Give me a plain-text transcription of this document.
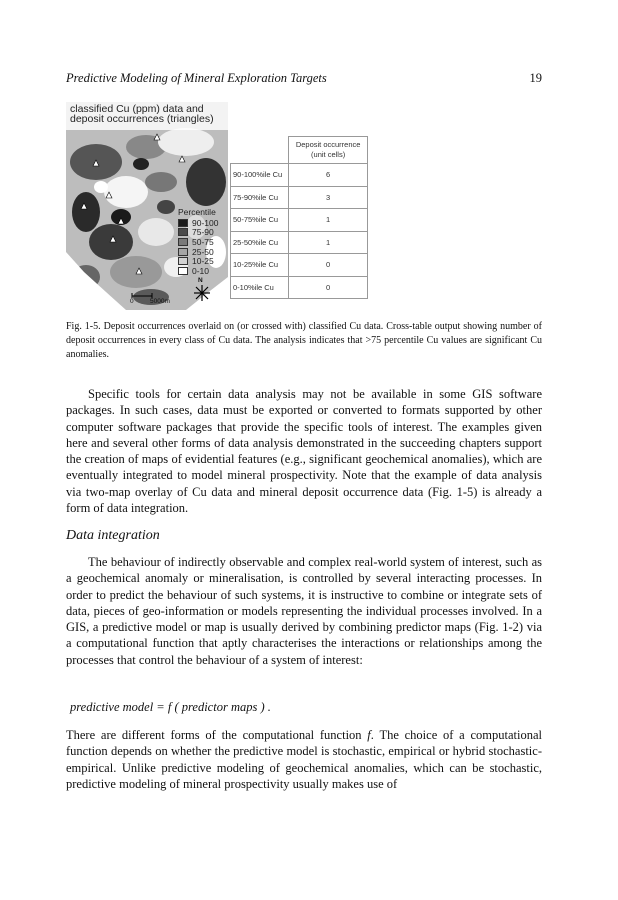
Predictive Modeling of Mineral Exploration Targets	19
classified Cu (ppm) data and
deposit occurrences (triangles)
Percentile
90-100
75-90
50-75
25-50
10-25
0-10
N
0	5000m

	Deposit occurrence
(unit cells)

90-100%ile Cu	6
75-90%ile Cu	3
50-75%ile Cu	1
25-50%ile Cu	1
10-25%ile Cu	0
0-10%ile Cu	0
Fig. 1-5. Deposit occurrences overlaid on (or crossed with) classified Cu data. Cross-table output showing number of deposit occurrences in every class of Cu data. The analysis indicates that >75 percentile Cu values are significant Cu anomalies.

Specific tools for certain data analysis may not be available in some GIS software packages. In such cases, data must be exported or converted to formats supported by other computer software packages that provide the specific tools of interest. The examples given here and several other forms of data analysis demonstrated in the succeeding chapters support the creation of maps of evidential features (e.g., significant geochemical anomalies), which are eventually integrated to model mineral prospectivity. Note that the example of data analysis via two-map overlay of Cu data and mineral deposit occurrence data (Fig. 1-5) is already a form of data integration.

Data integration

The behaviour of indirectly observable and complex real-world system of interest, such as a geochemical anomaly or mineralisation, is controlled by several interacting processes. In order to predict the behaviour of such systems, it is instructive to combine or integrate sets of data, pieces of geo-information or models representing the individual processes involved. In a GIS, a predictive model or map is usually derived by combining predictor maps (Fig. 1-2) via a computational function that aptly characterises the interactions or relationships among the processes that control the behaviour of a system of interest:

predictive model = f ( predictor maps ) .

There are different forms of the computational function f. The choice of a computational function depends on whether the predictive model is stochastic, empirical or hybrid stochastic-empirical. Unlike predictive modeling of geochemical anomalies, which can be stochastic, predictive modeling of mineral prospectivity usually makes use of
